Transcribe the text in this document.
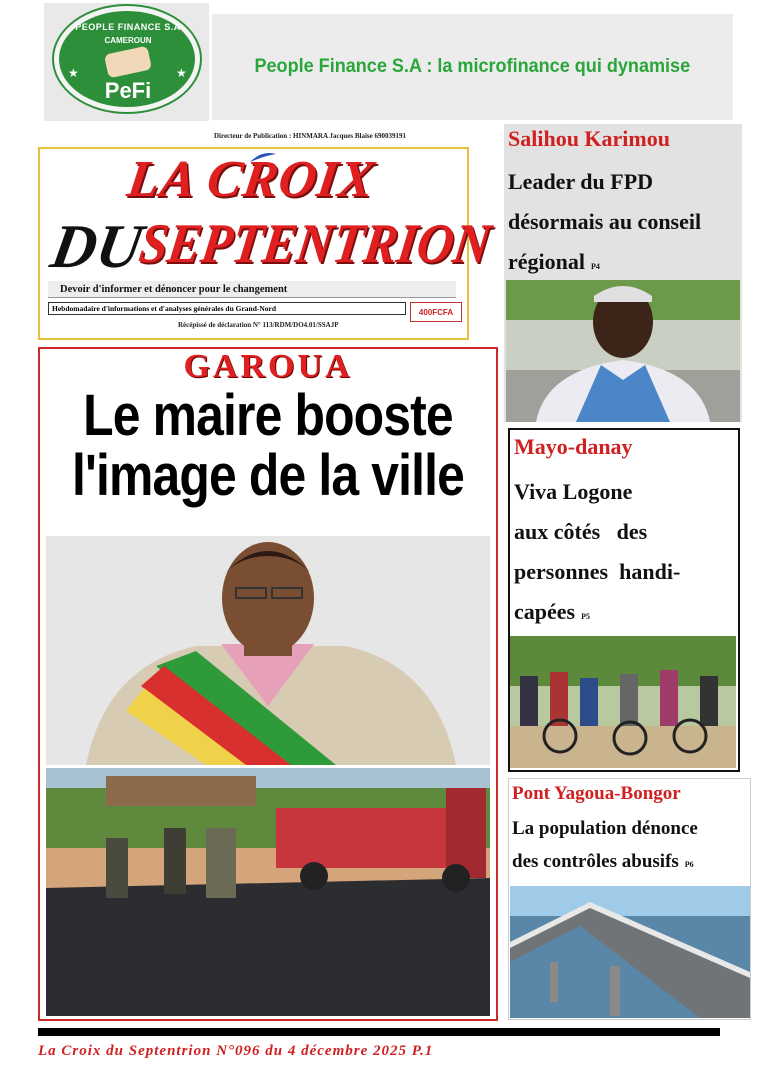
PEOPLE FINANCE S.A
CAMEROUN
★	★
PeFi
People Finance S.A : la microfinance qui dynamise
Directeur de Publication : HINMARA Jacques Blaise 690039191
LA CROIX
DU
SEPTENTRION
Devoir d'informer et dénoncer pour le changement
Hebdomadaire d'informations et d'analyses générales du Grand-Nord	400FCFA
Récépissé de déclaration N° 113/RDM/DO4.01/SSAJP
GAROUA
Le maire booste
l'image de la ville
Salihou Karimou
Leader du FPD
désormais au conseil
régional P4
Mayo-danay
Viva Logone
aux côtés   des
personnes  handi-
capées P5
Pont Yagoua-Bongor
La population dénonce
des contrôles abusifs P6
La Croix du Septentrion N°096 du 4 décembre 2025 P.1
